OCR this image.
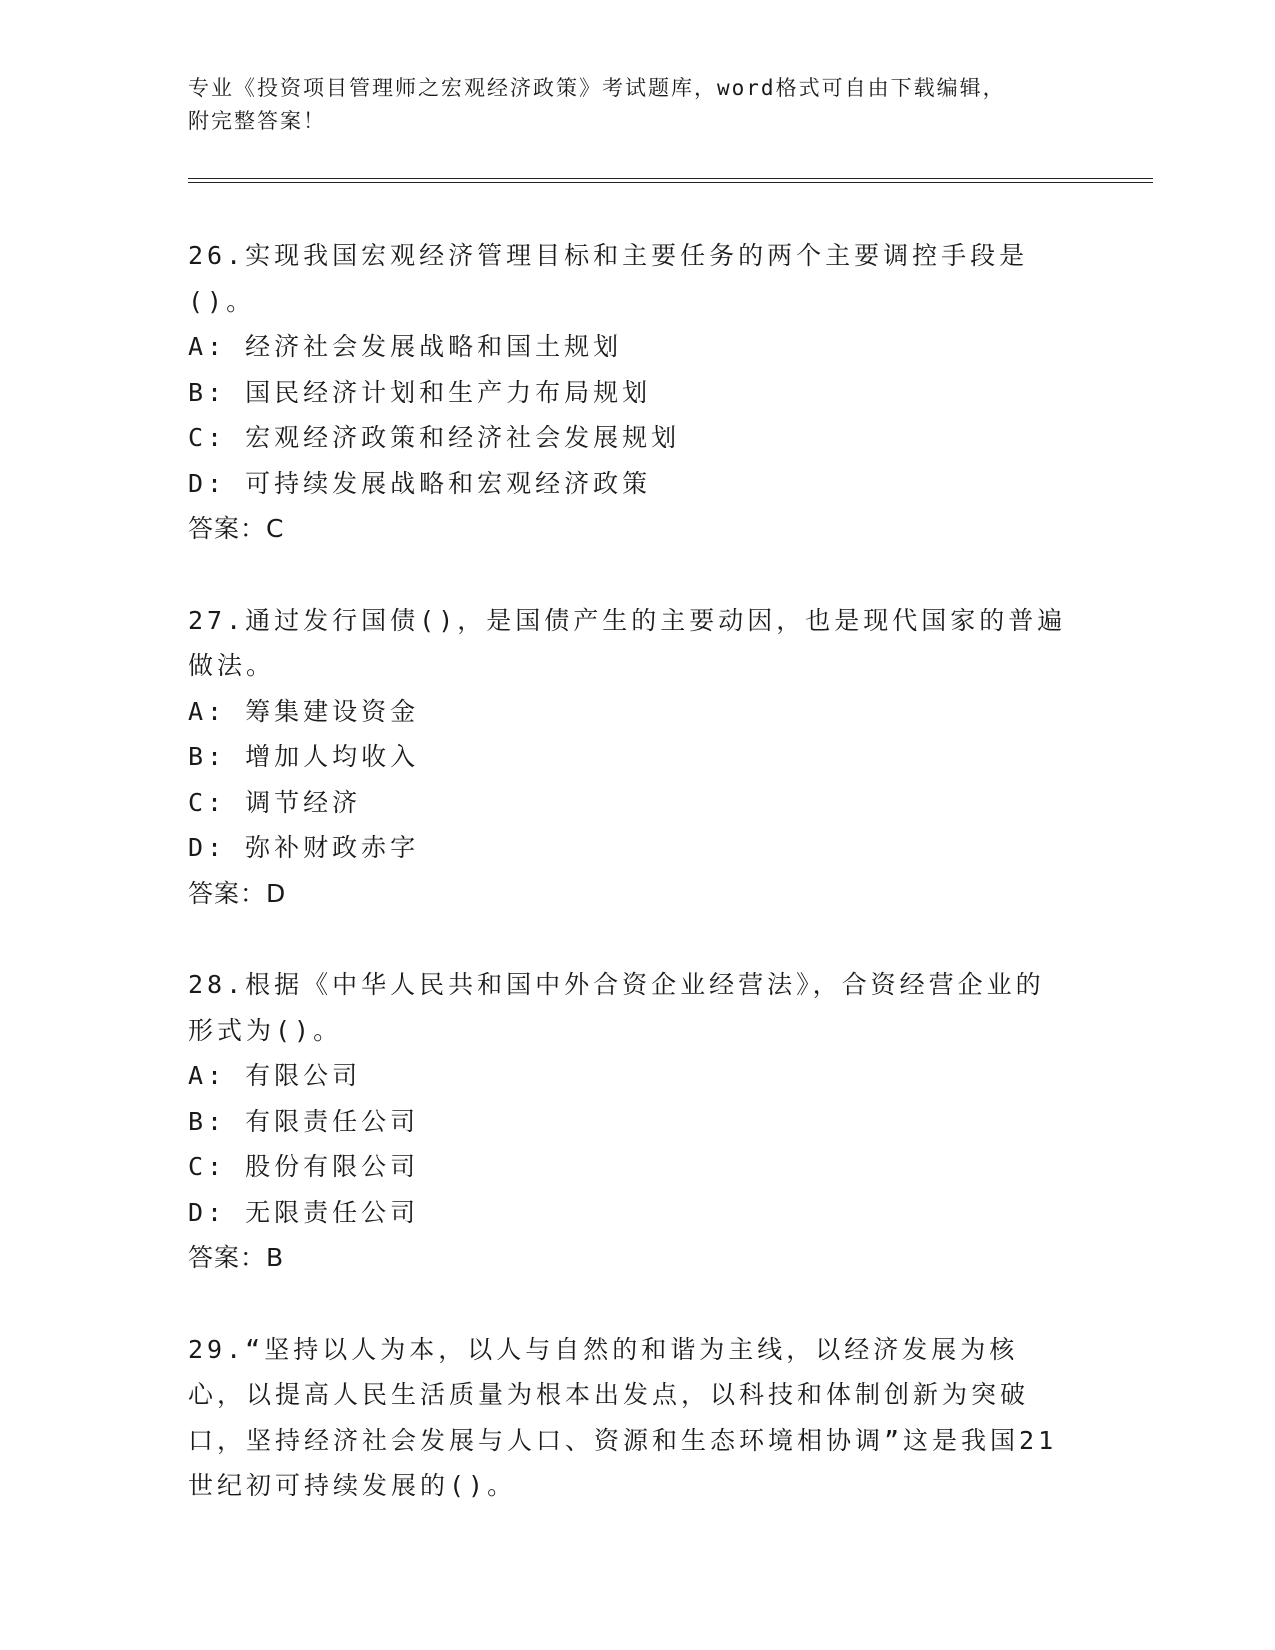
专业《投资项目管理师之宏观经济政策》考试题库，word格式可自由下载编辑，
附完整答案！
26.实现我国宏观经济管理目标和主要任务的两个主要调控手段是()。
A: 经济社会发展战略和国土规划
B: 国民经济计划和生产力布局规划
C: 宏观经济政策和经济社会发展规划
D: 可持续发展战略和宏观经济政策
答案：C
27.通过发行国债()，是国债产生的主要动因，也是现代国家的普遍做法。
A: 筹集建设资金
B: 增加人均收入
C: 调节经济
D: 弥补财政赤字
答案：D
28.根据《中华人民共和国中外合资企业经营法》，合资经营企业的形式为()。
A: 有限公司
B: 有限责任公司
C: 股份有限公司
D: 无限责任公司
答案：B
29.“坚持以人为本，以人与自然的和谐为主线，以经济发展为核心，以提高人民生活质量为根本出发点，以科技和体制创新为突破口，坚持经济社会发展与人口、资源和生态环境相协调”这是我国21世纪初可持续发展的()。
